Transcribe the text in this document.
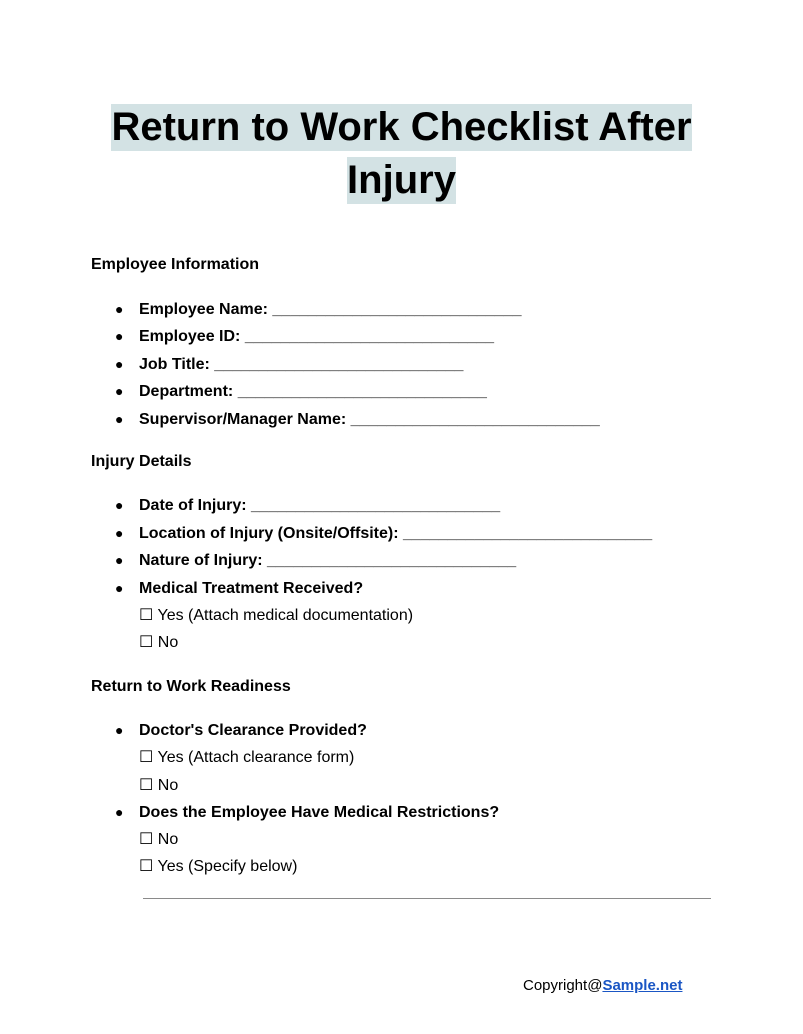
Return to Work Checklist After
Injury
Employee Information
● Employee Name: ____________________________
● Employee ID: ____________________________
● Job Title: ____________________________
● Department: ____________________________
● Supervisor/Manager Name: ____________________________
Injury Details
● Date of Injury: ____________________________
● Location of Injury (Onsite/Offsite): ____________________________
● Nature of Injury: ____________________________
● Medical Treatment Received?
☐ Yes (Attach medical documentation)
☐ No
Return to Work Readiness
● Doctor's Clearance Provided?
☐ Yes (Attach clearance form)
☐ No
● Does the Employee Have Medical Restrictions?
☐ No
☐ Yes (Specify below)
Copyright@Sample.net
